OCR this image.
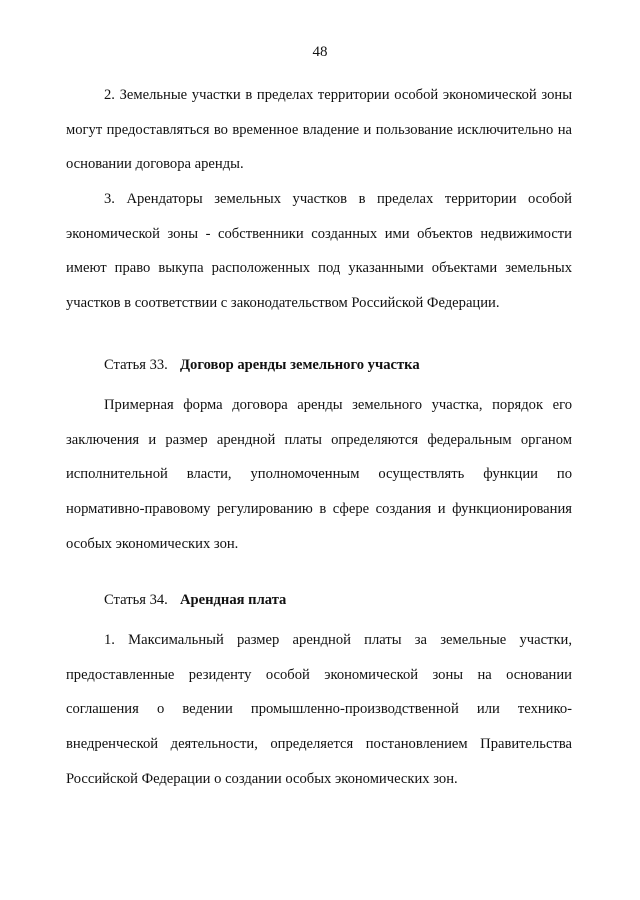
48

2. Земельные участки в пределах территории особой экономической зоны могут предоставляться во временное владение и пользование исключительно на основании договора аренды.

3. Арендаторы земельных участков в пределах территории особой экономической зоны - собственники созданных ими объектов недвижимости имеют право выкупа расположенных под указанными объектами земельных участков в соответствии с законодательством Российской Федерации.

Статья 33. Договор аренды земельного участка

Примерная форма договора аренды земельного участка, порядок его заключения и размер арендной платы определяются федеральным органом исполнительной власти, уполномоченным осуществлять функции по нормативно-правовому регулированию в сфере создания и функционирования особых экономических зон.

Статья 34. Арендная плата

1. Максимальный размер арендной платы за земельные участки, предоставленные резиденту особой экономической зоны на основании соглашения о ведении промышленно-производственной или технико-внедренческой деятельности, определяется постановлением Правительства Российской Федерации о создании особых экономических зон.
